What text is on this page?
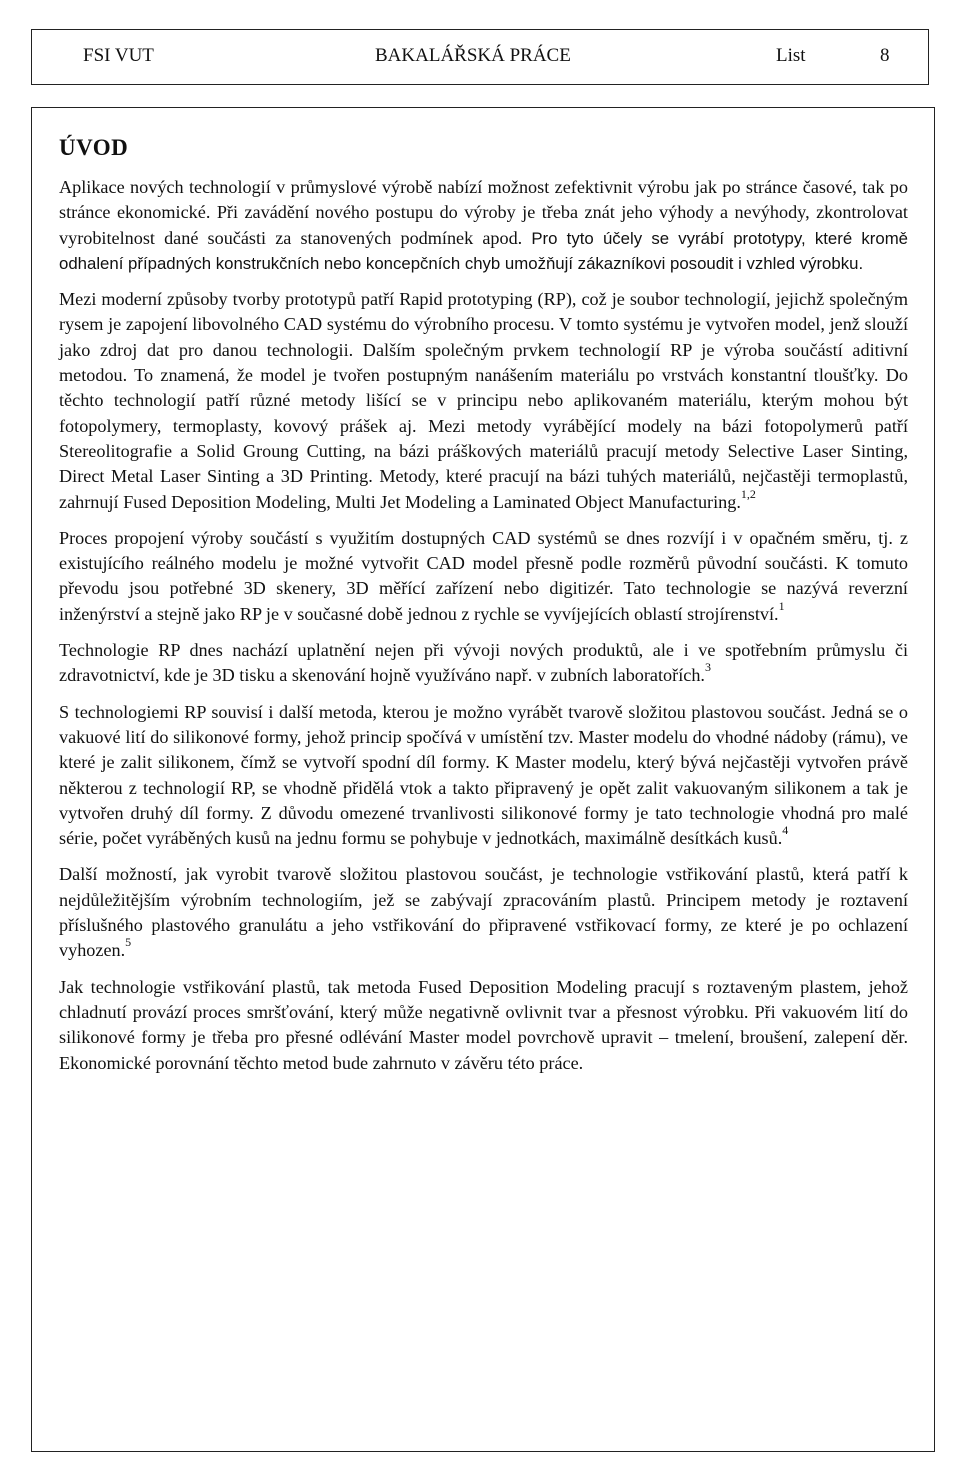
FSI VUT	BAKALÁŘSKÁ PRÁCE	List	8
ÚVOD

Aplikace nových technologií v průmyslové výrobě nabízí možnost zefektivnit výrobu jak po stránce časové, tak po stránce ekonomické. Při zavádění nového postupu do výroby je třeba znát jeho výhody a nevýhody, zkontrolovat vyrobitelnost dané součásti za stanovených podmínek apod. Pro tyto účely se vyrábí prototypy, které kromě odhalení případných konstrukčních nebo koncepčních chyb umožňují zákazníkovi posoudit i vzhled výrobku.

Mezi moderní způsoby tvorby prototypů patří Rapid prototyping (RP), což je soubor technologií, jejichž společným rysem je zapojení libovolného CAD systému do výrobního procesu. V tomto systému je vytvořen model, jenž slouží jako zdroj dat pro danou technologii. Dalším společným prvkem technologií RP je výroba součástí aditivní metodou. To znamená, že model je tvořen postupným nanášením materiálu po vrstvách konstantní tloušťky. Do těchto technologií patří různé metody lišící se v principu nebo aplikovaném materiálu, kterým mohou být fotopolymery, termoplasty, kovový prášek aj. Mezi metody vyrábějící modely na bázi fotopolymerů patří Stereolitografie a Solid Groung Cutting, na bázi práškových materiálů pracují metody Selective Laser Sinting, Direct Metal Laser Sinting a 3D Printing. Metody, které pracují na bázi tuhých materiálů, nejčastěji termoplastů, zahrnují Fused Deposition Modeling, Multi Jet Modeling a Laminated Object Manufacturing.$^{1,2}$

Proces propojení výroby součástí s využitím dostupných CAD systémů se dnes rozvíjí i v opačném směru, tj. z existujícího reálného modelu je možné vytvořit CAD model přesně podle rozměrů původní součásti. K tomuto převodu jsou potřebné 3D skenery, 3D měřící zařízení nebo digitizér. Tato technologie se nazývá reverzní inženýrství a stejně jako RP je v současné době jednou z rychle se vyvíjejících oblastí strojírenství.$^1$

Technologie RP dnes nachází uplatnění nejen při vývoji nových produktů, ale i ve spotřebním průmyslu či zdravotnictví, kde je 3D tisku a skenování hojně využíváno např. v zubních laboratořích.$^3$

S technologiemi RP souvisí i další metoda, kterou je možno vyrábět tvarově složitou plastovou součást. Jedná se o vakuové lití do silikonové formy, jehož princip spočívá v umístění tzv. Master modelu do vhodné nádoby (rámu), ve které je zalit silikonem, čímž se vytvoří spodní díl formy. K Master modelu, který bývá nejčastěji vytvořen právě některou z technologií RP, se vhodně přidělá vtok a takto připravený je opět zalit vakuovaným silikonem a tak je vytvořen druhý díl formy. Z důvodu omezené trvanlivosti silikonové formy je tato technologie vhodná pro malé série, počet vyráběných kusů na jednu formu se pohybuje v jednotkách, maximálně desítkách kusů.$^4$

Další možností, jak vyrobit tvarově složitou plastovou součást, je technologie vstřikování plastů, která patří k nejdůležitějším výrobním technologiím, jež se zabývají zpracováním plastů. Principem metody je roztavení příslušného plastového granulátu a jeho vstřikování do připravené vstřikovací formy, ze které je po ochlazení vyhozen.$^5$

Jak technologie vstřikování plastů, tak metoda Fused Deposition Modeling pracují s roztaveným plastem, jehož chladnutí provází proces smršťování, který může negativně ovlivnit tvar a přesnost výrobku. Při vakuovém lití do silikonové formy je třeba pro přesné odlévání Master model povrchově upravit – tmelení, broušení, zalepení děr. Ekonomické porovnání těchto metod bude zahrnuto v závěru této práce.
